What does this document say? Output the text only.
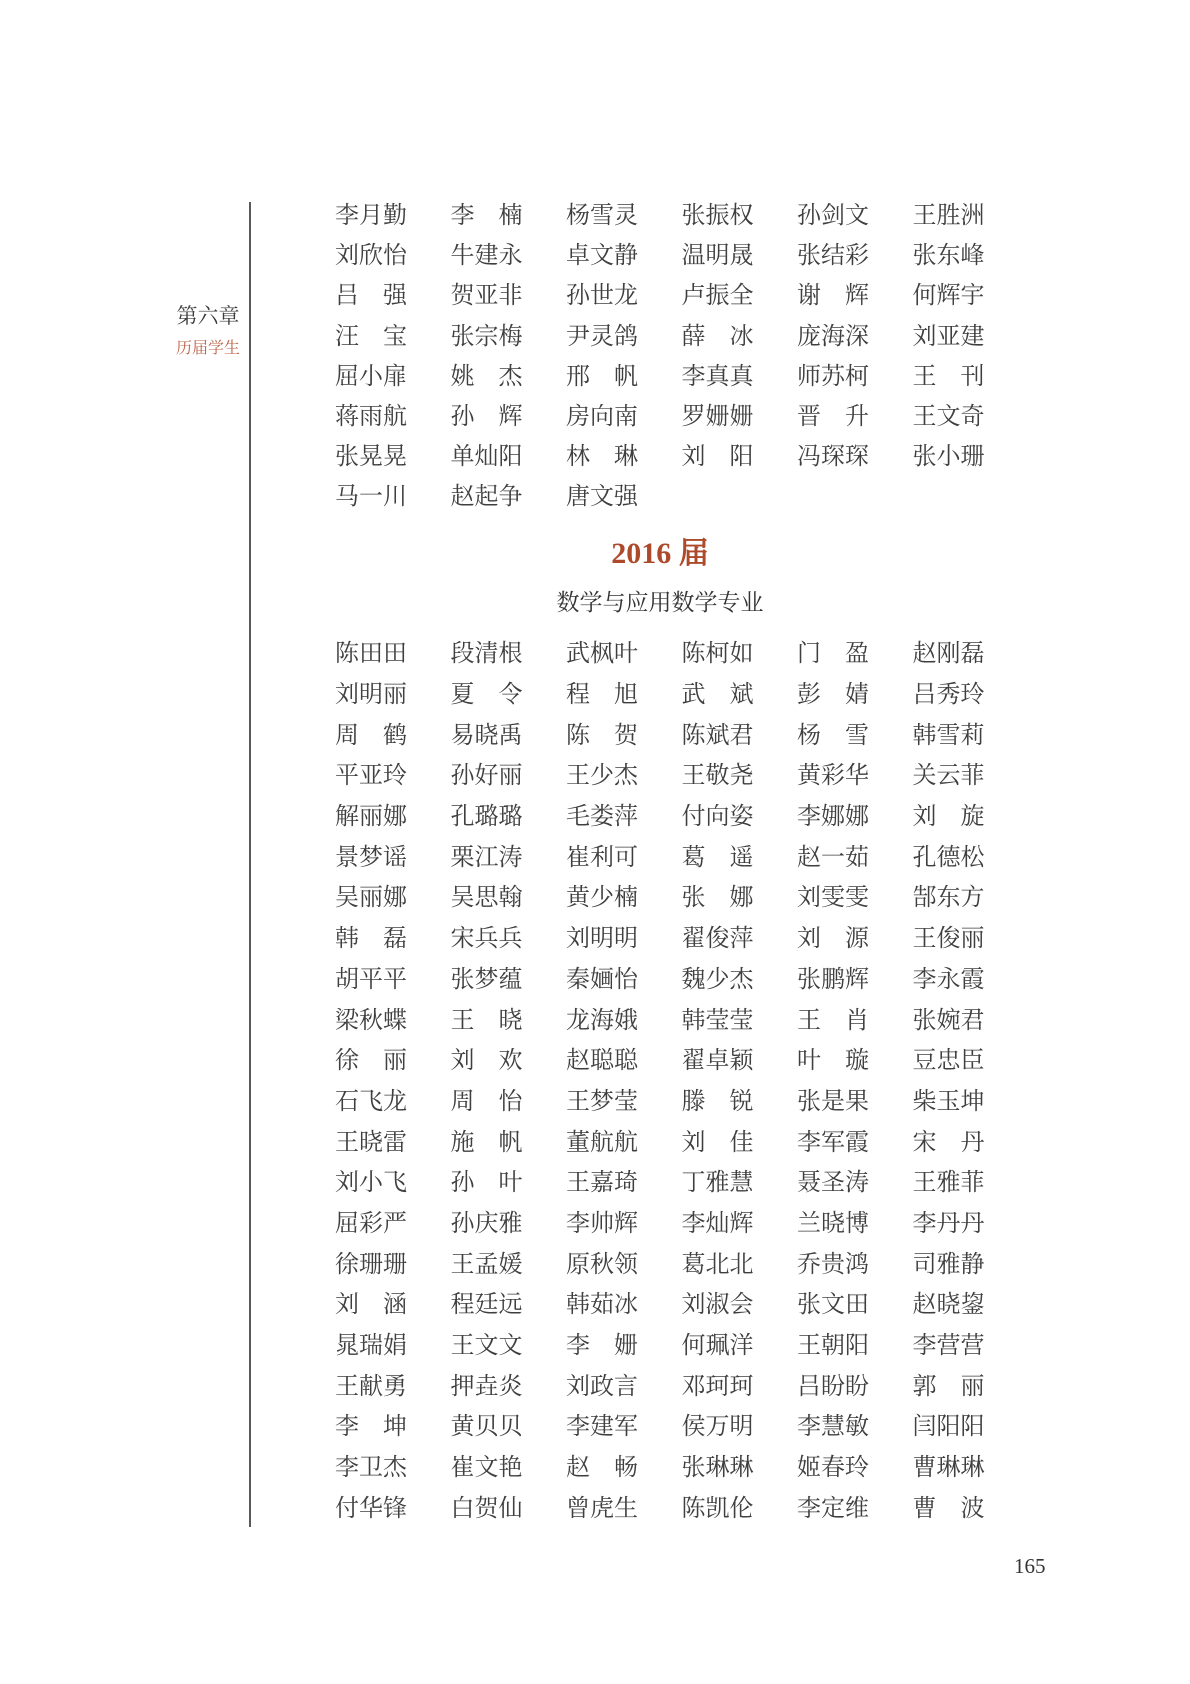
第六章
历届学生
李月勤 李　楠 杨雪灵 张振权 孙剑文 王胜洲
刘欣怡 牛建永 卓文静 温明晟 张结彩 张东峰
吕　强 贺亚非 孙世龙 卢振全 谢　辉 何辉宇
汪　宝 张宗梅 尹灵鸽 薛　冰 庞海深 刘亚建
屈小扉 姚　杰 邢　帆 李真真 师苏柯 王　刊
蒋雨航 孙　辉 房向南 罗姗姗 晋　升 王文奇
张晃晃 单灿阳 林　琳 刘　阳 冯琛琛 张小珊
马一川 赵起争 唐文强
2016 届
数学与应用数学专业
陈田田 段清根 武枫叶 陈柯如 门　盈 赵刚磊
刘明丽 夏　令 程　旭 武　斌 彭　婧 吕秀玲
周　鹤 易晓禹 陈　贺 陈斌君 杨　雪 韩雪莉
平亚玲 孙好丽 王少杰 王敬尧 黄彩华 关云菲
解丽娜 孔璐璐 毛娄萍 付向姿 李娜娜 刘　旋
景梦谣 栗江涛 崔利可 葛　遥 赵一茹 孔德松
吴丽娜 吴思翰 黄少楠 张　娜 刘雯雯 郜东方
韩　磊 宋兵兵 刘明明 翟俊萍 刘　源 王俊丽
胡平平 张梦蕴 秦婳怡 魏少杰 张鹏辉 李永霞
梁秋蝶 王　晓 龙海娥 韩莹莹 王　肖 张婉君
徐　丽 刘　欢 赵聪聪 翟卓颖 叶　璇 豆忠臣
石飞龙 周　怡 王梦莹 滕　锐 张是果 柴玉坤
王晓雷 施　帆 董航航 刘　佳 李军霞 宋　丹
刘小飞 孙　叶 王嘉琦 丁雅慧 聂圣涛 王雅菲
屈彩严 孙庆雅 李帅辉 李灿辉 兰晓博 李丹丹
徐珊珊 王孟媛 原秋领 葛北北 乔贵鸿 司雅静
刘　涵 程廷远 韩茹冰 刘淑会 张文田 赵晓鋆
晁瑞娟 王文文 李　姗 何珮洋 王朝阳 李营营
王献勇 押垚炎 刘政言 邓珂珂 吕盼盼 郭　丽
李　坤 黄贝贝 李建军 侯万明 李慧敏 闫阳阳
李卫杰 崔文艳 赵　畅 张琳琳 姬春玲 曹琳琳
付华锋 白贺仙 曾虎生 陈凯伦 李定维 曹　波
165
